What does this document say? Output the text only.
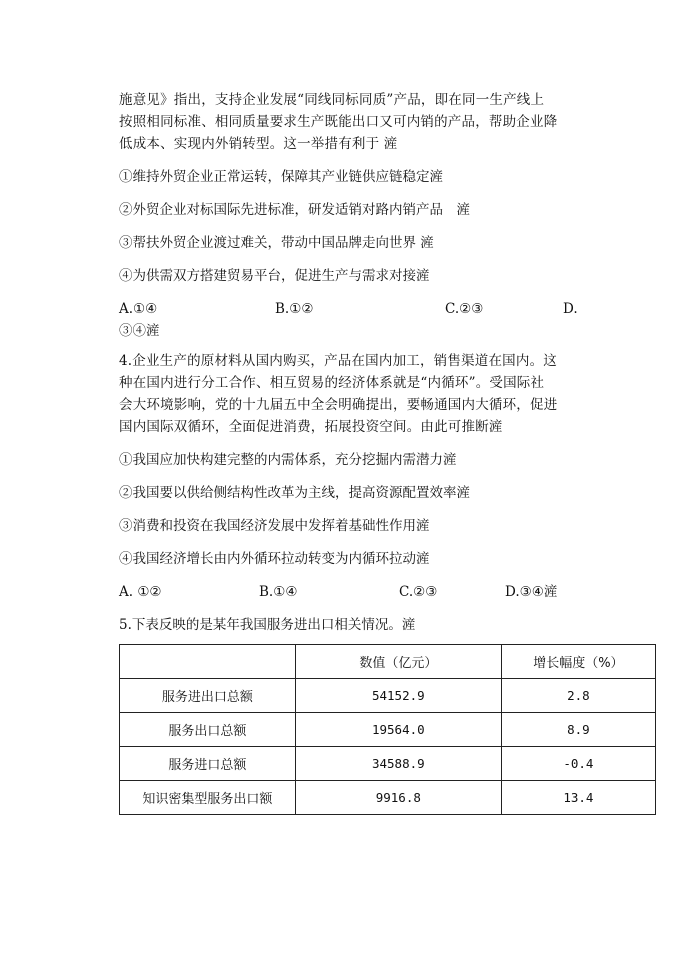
施意见》指出，支持企业发展“同线同标同质”产品，即在同一生产线上

按照相同标准、相同质量要求生产既能出口又可内销的产品，帮助企业降

低成本、实现内外销转型。这一举措有利于 滻

①维持外贸企业正常运转，保障其产业链供应链稳定滻

②外贸企业对标国际先进标准，研发适销对路内销产品　滻

③帮扶外贸企业渡过难关，带动中国品牌走向世界 滻

④为供需双方搭建贸易平台，促进生产与需求对接滻

A.①④	B.①②	C.②③	D.

③④滻

4.企业生产的原材料从国内购买，产品在国内加工，销售渠道在国内。这

种在国内进行分工合作、相互贸易的经济体系就是“内循环”。受国际社

会大环境影响，党的十九届五中全会明确提出，要畅通国内大循环，促进

国内国际双循环，全面促进消费，拓展投资空间。由此可推断滻

①我国应加快构建完整的内需体系，充分挖掘内需潜力滻

②我国要以供给侧结构性改革为主线，提高资源配置效率滻

③消费和投资在我国经济发展中发挥着基础性作用滻

④我国经济增长由内外循环拉动转变为内循环拉动滻

A. ①②	B.①④	C.②③	D.③④滻

5.下表反映的是某年我国服务进出口相关情况。滻

	数值（亿元）	增长幅度（%）
服务进出口总额	54152.9	2.8
服务出口总额	19564.0	8.9
服务进口总额	34588.9	-0.4
知识密集型服务出口额	9916.8	13.4
